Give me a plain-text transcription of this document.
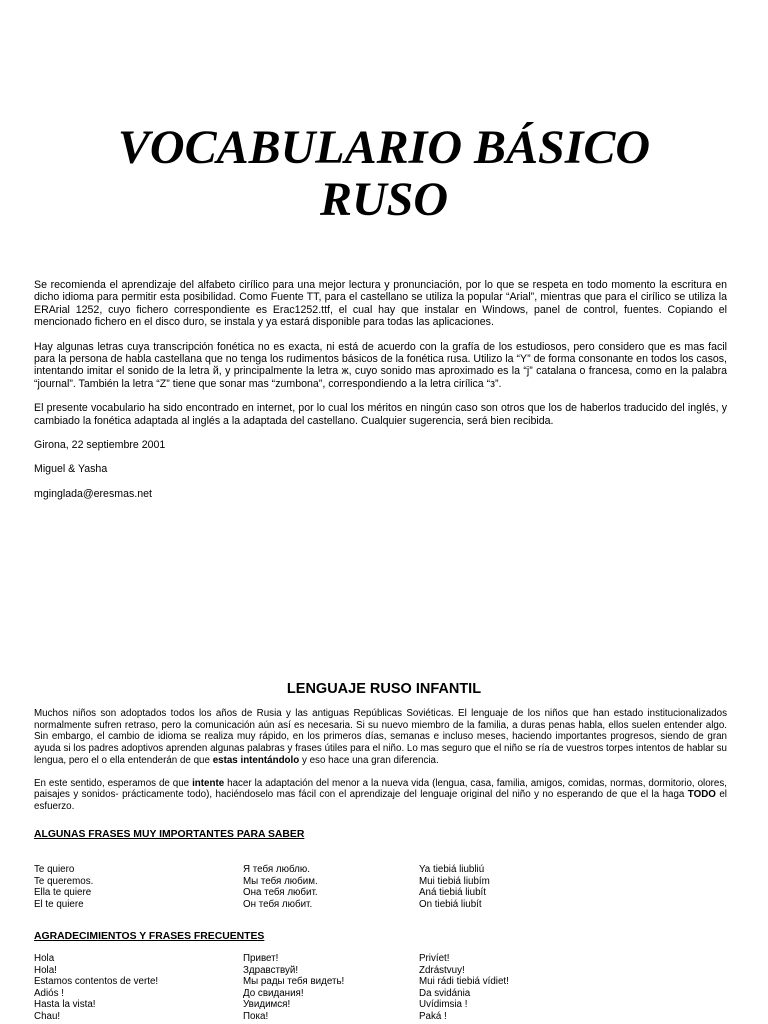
VOCABULARIO BÁSICO
RUSO

Se recomienda el aprendizaje del alfabeto cirílico para una mejor lectura y pronunciación, por lo que se respeta en todo momento la escritura en dicho idioma para permitir esta posibilidad. Como Fuente TT, para el castellano se utiliza la popular “Arial”, mientras que para el cirílico se utiliza la ERArial 1252, cuyo fichero correspondiente es Erac1252.ttf, el cual hay que instalar en Windows, panel de control, fuentes. Copiando el mencionado fichero en el disco duro, se instala y ya estará disponible para todas las aplicaciones.

Hay algunas letras cuya transcripción fonética no es exacta, ni está de acuerdo con la grafía de los estudiosos, pero considero que es mas facil para la persona de habla castellana que no tenga los rudimentos básicos de la fonética rusa. Utilizo la “Y” de forma consonante en todos los casos, intentando imitar el sonido de la letra й, y principalmente la letra ж, cuyo sonido mas aproximado es la “j” catalana o francesa, como en la palabra “journal”. También la letra “Z” tiene que sonar mas “zumbona”, correspondiendo a la letra cirílica “з”.

El presente vocabulario ha sido encontrado en internet, por lo cual los méritos en ningún caso son otros que los de haberlos traducido del inglés, y cambiado la fonética adaptada al inglés a la adaptada del castellano. Cualquier sugerencia, será bien recibida.

Girona, 22 septiembre 2001

Miguel & Yasha

mginglada@eresmas.net

LENGUAJE RUSO INFANTIL

Muchos niños son adoptados todos los años de Rusia y las antiguas Repúblicas Soviéticas. El lenguaje de los niños que han estado institucionalizados normalmente sufren retraso, pero la comunicación aún así es necesaria. Si su nuevo miembro de la familia, a duras penas habla, ellos suelen entender algo. Sin embargo, el cambio de idioma se realiza muy rápido, en los primeros días, semanas e incluso meses, haciendo importantes progresos, siendo de gran ayuda si los padres adoptivos aprenden algunas palabras y frases útiles para el niño. Lo mas seguro que el niño se ría de vuestros torpes intentos de hablar su lengua, pero el o ella entenderán de que estas intentándolo y eso hace una gran diferencia.

En este sentido, esperamos de que intente hacer la adaptación del menor a la nueva vida (lengua, casa, familia, amigos, comidas, normas, dormitorio, olores, paisajes y sonidos- prácticamente todo), haciéndoselo mas fácil con el aprendizaje del lenguaje original del niño y no esperando de que el la haga TODO el esfuerzo.

ALGUNAS FRASES MUY IMPORTANTES PARA SABER
Te quiero	Я тебя люблю.	Ya tiebiá liubliú
Te queremos.	Мы тебя любим.	Mui tiebiá liubím
Ella te quiere	Она тебя любит.	Aná tiebiá liubít
El te quiere	Он тебя любит.	On tiebiá liubít
AGRADECIMIENTOS Y FRASES FRECUENTES
Hola	Привет!	Privíet!
Hola!	Здравствуй!	Zdrástvuy!
Estamos contentos de verte!	Мы рады тебя видеть!	Mui rádi tiebiá vídiet!
Adiós !	До свидания!	Da svidánia
Hasta la vista!	Увидимся!	Uvídimsia !
Chau!	Пока!	Paká !
